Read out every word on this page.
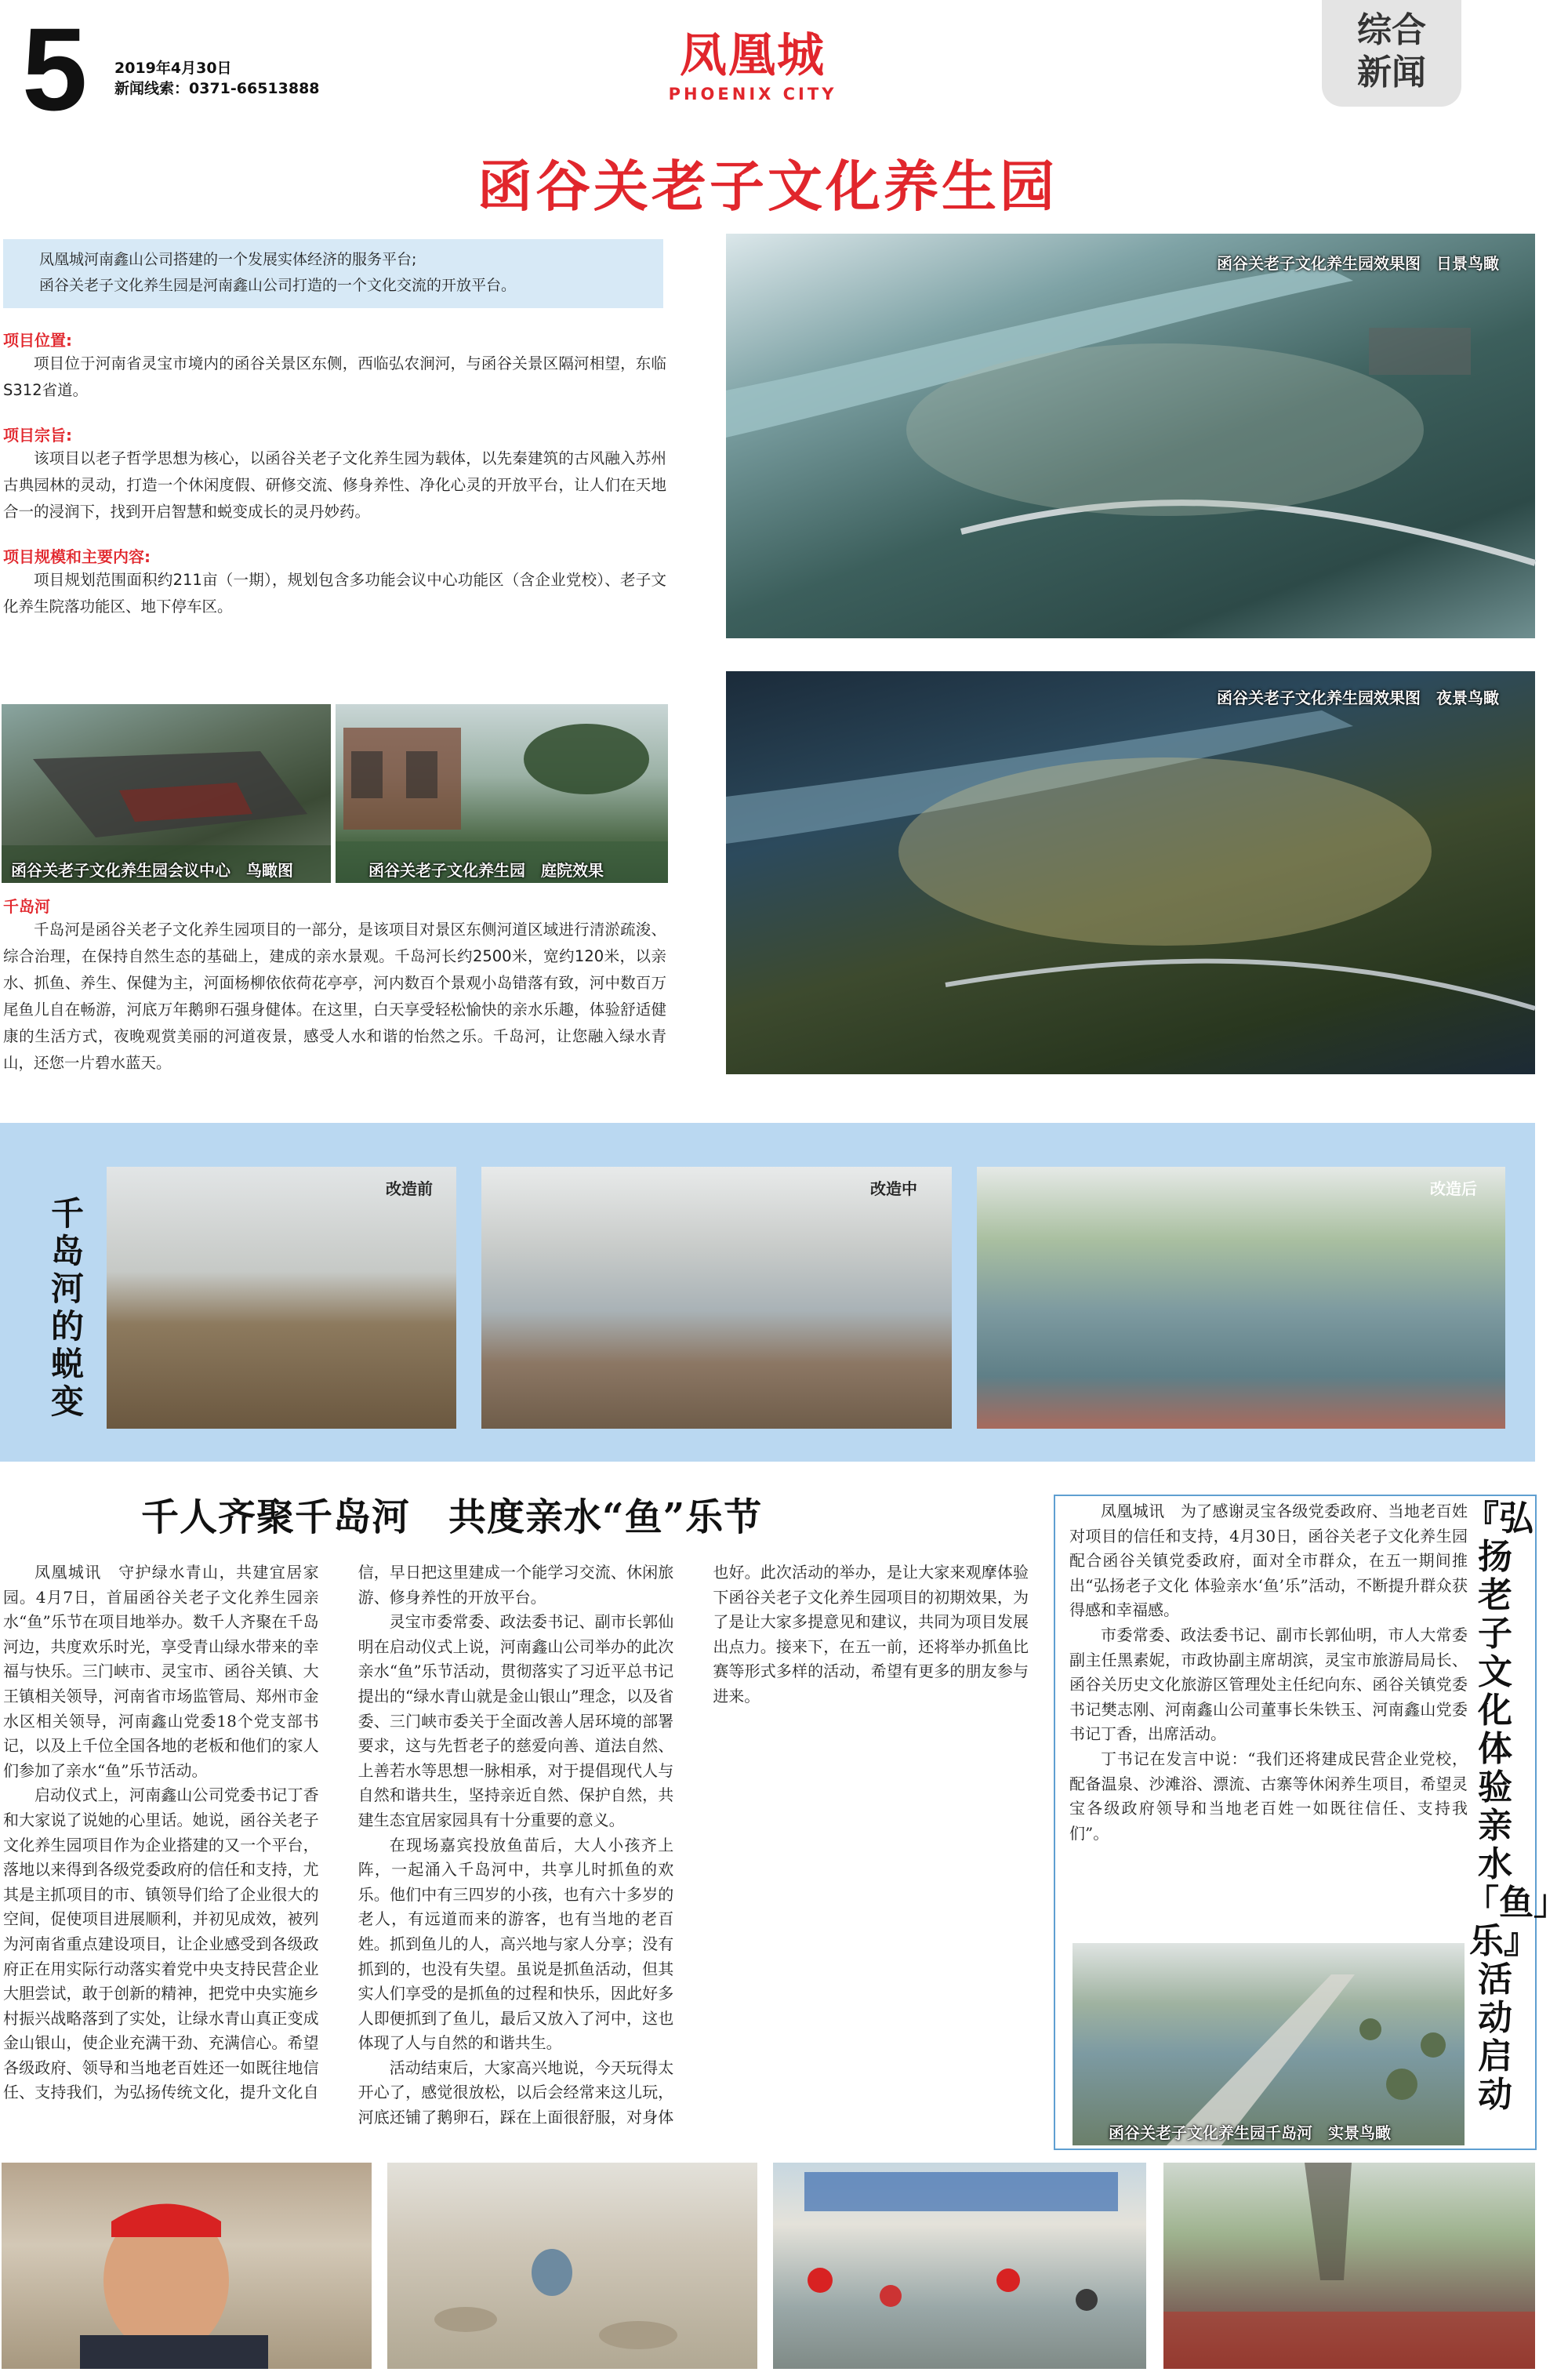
5 2019年4月30日
新闻线索：0371-66513888
凤凰城
PHOENIX CITY
综合
新闻
函谷关老子文化养生园
凤凰城河南鑫山公司搭建的一个发展实体经济的服务平台;
函谷关老子文化养生园是河南鑫山公司打造的一个文化交流的开放平台。
项目位置:
项目位于河南省灵宝市境内的函谷关景区东侧，西临弘农涧河，与函谷关景区隔河相望，东临S312省道。
项目宗旨:
该项目以老子哲学思想为核心，以函谷关老子文化养生园为载体，以先秦建筑的古风融入苏州古典园林的灵动，打造一个休闲度假、研修交流、修身养性、净化心灵的开放平台，让人们在天地合一的浸润下，找到开启智慧和蜕变成长的灵丹妙药。
项目规模和主要内容:
项目规划范围面积约211亩（一期），规划包含多功能会议中心功能区（含企业党校）、老子文化养生院落功能区、地下停车区。
函谷关老子文化养生园会议中心　鸟瞰图	函谷关老子文化养生园　庭院效果
千岛河
千岛河是函谷关老子文化养生园项目的一部分，是该项目对景区东侧河道区域进行清淤疏浚、综合治理，在保持自然生态的基础上，建成的亲水景观。千岛河长约2500米，宽约120米，以亲水、抓鱼、养生、保健为主，河面杨柳依依荷花亭亭，河内数百个景观小岛错落有致，河中数百万尾鱼儿自在畅游，河底万年鹅卵石强身健体。在这里，白天享受轻松愉快的亲水乐趣，体验舒适健康的生活方式，夜晚观赏美丽的河道夜景，感受人水和谐的怡然之乐。千岛河，让您融入绿水青山，还您一片碧水蓝天。
函谷关老子文化养生园效果图　日景鸟瞰
函谷关老子文化养生园效果图　夜景鸟瞰
千岛河的蜕变
改造前	改造中	改造后
千人齐聚千岛河　共度亲水“鱼”乐节

凤凰城讯　守护绿水青山，共建宜居家园。4月7日，首届函谷关老子文化养生园亲水“鱼”乐节在项目地举办。数千人齐聚在千岛河边，共度欢乐时光，享受青山绿水带来的幸福与快乐。三门峡市、灵宝市、函谷关镇、大王镇相关领导，河南省市场监管局、郑州市金水区相关领导，河南鑫山党委18个党支部书记，以及上千位全国各地的老板和他们的家人们参加了亲水“鱼”乐节活动。

启动仪式上，河南鑫山公司党委书记丁香和大家说了说她的心里话。她说，函谷关老子文化养生园项目作为企业搭建的又一个平台，落地以来得到各级党委政府的信任和支持，尤其是主抓项目的市、镇领导们给了企业很大的空间，促使项目进展顺利，并初见成效，被列为河南省重点建设项目，让企业感受到各级政府正在用实际行动落实着党中央支持民营企业大胆尝试，敢于创新的精神，把党中央实施乡村振兴战略落到了实处，让绿水青山真正变成金山银山，使企业充满干劲、充满信心。希望各级政府、领导和当地老百姓还一如既往地信任、支持我们，为弘扬传统文化，提升文化自信，早日把这里建成一个能学习交流、休闲旅游、修身养性的开放平台。

灵宝市委常委、政法委书记、副市长郭仙明在启动仪式上说，河南鑫山公司举办的此次亲水“鱼”乐节活动，贯彻落实了习近平总书记提出的“绿水青山就是金山银山”理念，以及省委、三门峡市委关于全面改善人居环境的部署要求，这与先哲老子的慈爱向善、道法自然、上善若水等思想一脉相承，对于提倡现代人与自然和谐共生，坚持亲近自然、保护自然，共建生态宜居家园具有十分重要的意义。

在现场嘉宾投放鱼苗后，大人小孩齐上阵，一起涌入千岛河中，共享儿时抓鱼的欢乐。他们中有三四岁的小孩，也有六十多岁的老人，有远道而来的游客，也有当地的老百姓。抓到鱼儿的人，高兴地与家人分享；没有抓到的，也没有失望。虽说是抓鱼活动，但其实人们享受的是抓鱼的过程和快乐，因此好多人即便抓到了鱼儿，最后又放入了河中，这也体现了人与自然的和谐共生。

活动结束后，大家高兴地说，今天玩得太开心了，感觉很放松，以后会经常来这儿玩，河底还铺了鹅卵石，踩在上面很舒服，对身体也好。此次活动的举办，是让大家来观摩体验下函谷关老子文化养生园项目的初期效果，为了是让大家多提意见和建议，共同为项目发展出点力。接来下，在五一前，还将举办抓鱼比赛等形式多样的活动，希望有更多的朋友参与进来。

凤凰城讯　为了感谢灵宝各级党委政府、当地老百姓对项目的信任和支持，4月30日，函谷关老子文化养生园配合函谷关镇党委政府，面对全市群众，在五一期间推出“弘扬老子文化 体验亲水‘鱼’乐”活动，不断提升群众获得感和幸福感。

市委常委、政法委书记、副市长郭仙明，市人大常委副主任黑素妮，市政协副主席胡滨，灵宝市旅游局局长、函谷关历史文化旅游区管理处主任纪向东、函谷关镇党委书记樊志刚、河南鑫山公司董事长朱铁玉、河南鑫山党委书记丁香，出席活动。

丁书记在发言中说：“我们还将建成民营企业党校，配备温泉、沙滩浴、漂流、古寨等休闲养生项目，希望灵宝各级政府领导和当地老百姓一如既往信任、支持我们”。

函谷关老子文化养生园千岛河　实景鸟瞰
『弘扬老子文化 体验亲水「鱼」乐』活动启动
